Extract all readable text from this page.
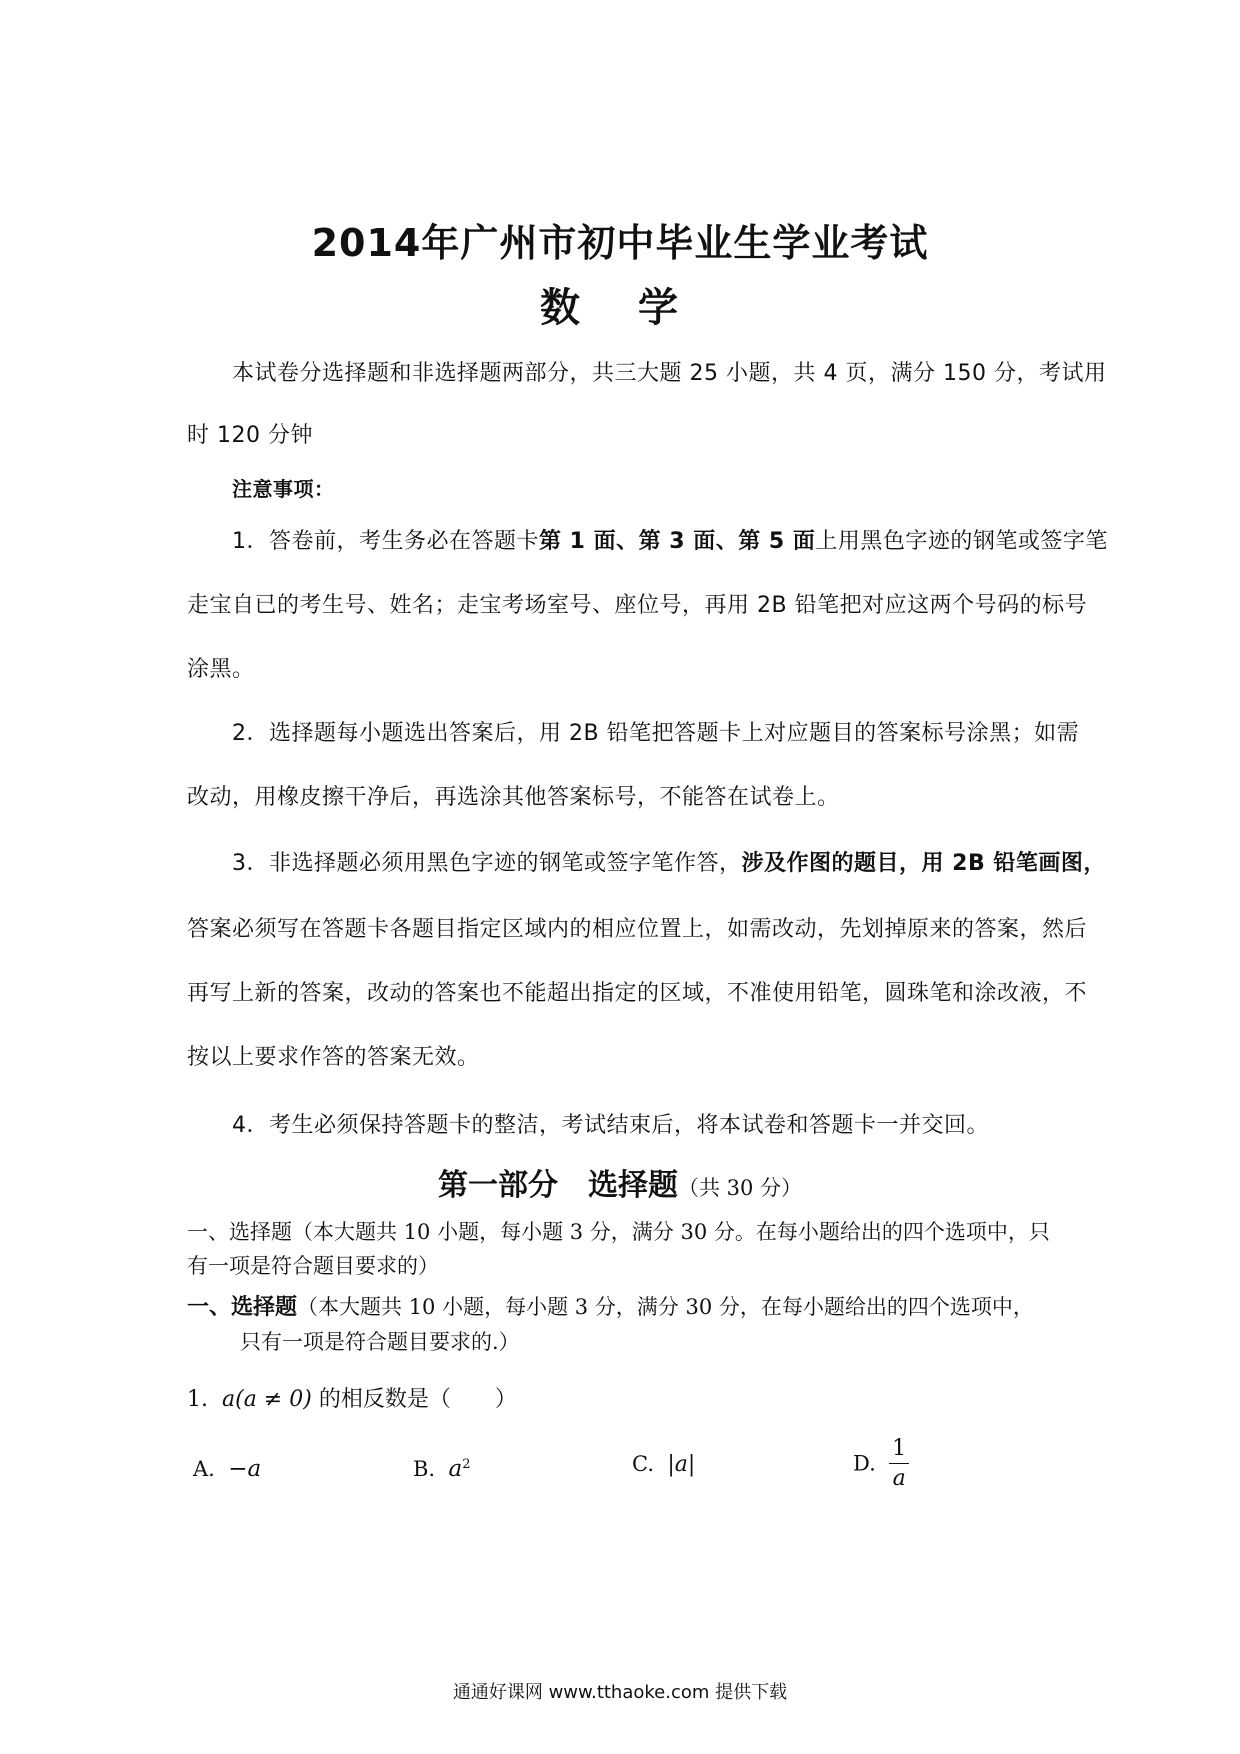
2014年广州市初中毕业生学业考试
数 学
本试卷分选择题和非选择题两部分，共三大题 25 小题，共 4 页，满分 150 分，考试用
时 120 分钟
注意事项：
1．答卷前，考生务必在答题卡第 1 面、第 3 面、第 5 面上用黑色字迹的钢笔或签字笔
走宝自已的考生号、姓名；走宝考场室号、座位号，再用 2B 铅笔把对应这两个号码的标号
涂黑。
2．选择题每小题选出答案后，用 2B 铅笔把答题卡上对应题目的答案标号涂黑；如需
改动，用橡皮擦干净后，再选涂其他答案标号，不能答在试卷上。
3．非选择题必须用黑色字迹的钢笔或签字笔作答，涉及作图的题目，用 2B 铅笔画图，
答案必须写在答题卡各题目指定区域内的相应位置上，如需改动，先划掉原来的答案，然后
再写上新的答案，改动的答案也不能超出指定的区域，不准使用铅笔，圆珠笔和涂改液，不
按以上要求作答的答案无效。
4．考生必须保持答题卡的整洁，考试结束后，将本试卷和答题卡一并交回。
第一部分　选择题（共 30 分）
一、选择题（本大题共 10 小题，每小题 3 分，满分 30 分。在每小题给出的四个选项中，只
有一项是符合题目要求的）
一、选择题（本大题共 10 小题，每小题 3 分，满分 30 分，在每小题给出的四个选项中，
只有一项是符合题目要求的.）
1. a(a ≠ 0) 的相反数是（　　）
A. −a	B. $a^2$	C. |a|	D. $\frac{1}{a}$
通通好课网 www.tthaoke.com 提供下载
